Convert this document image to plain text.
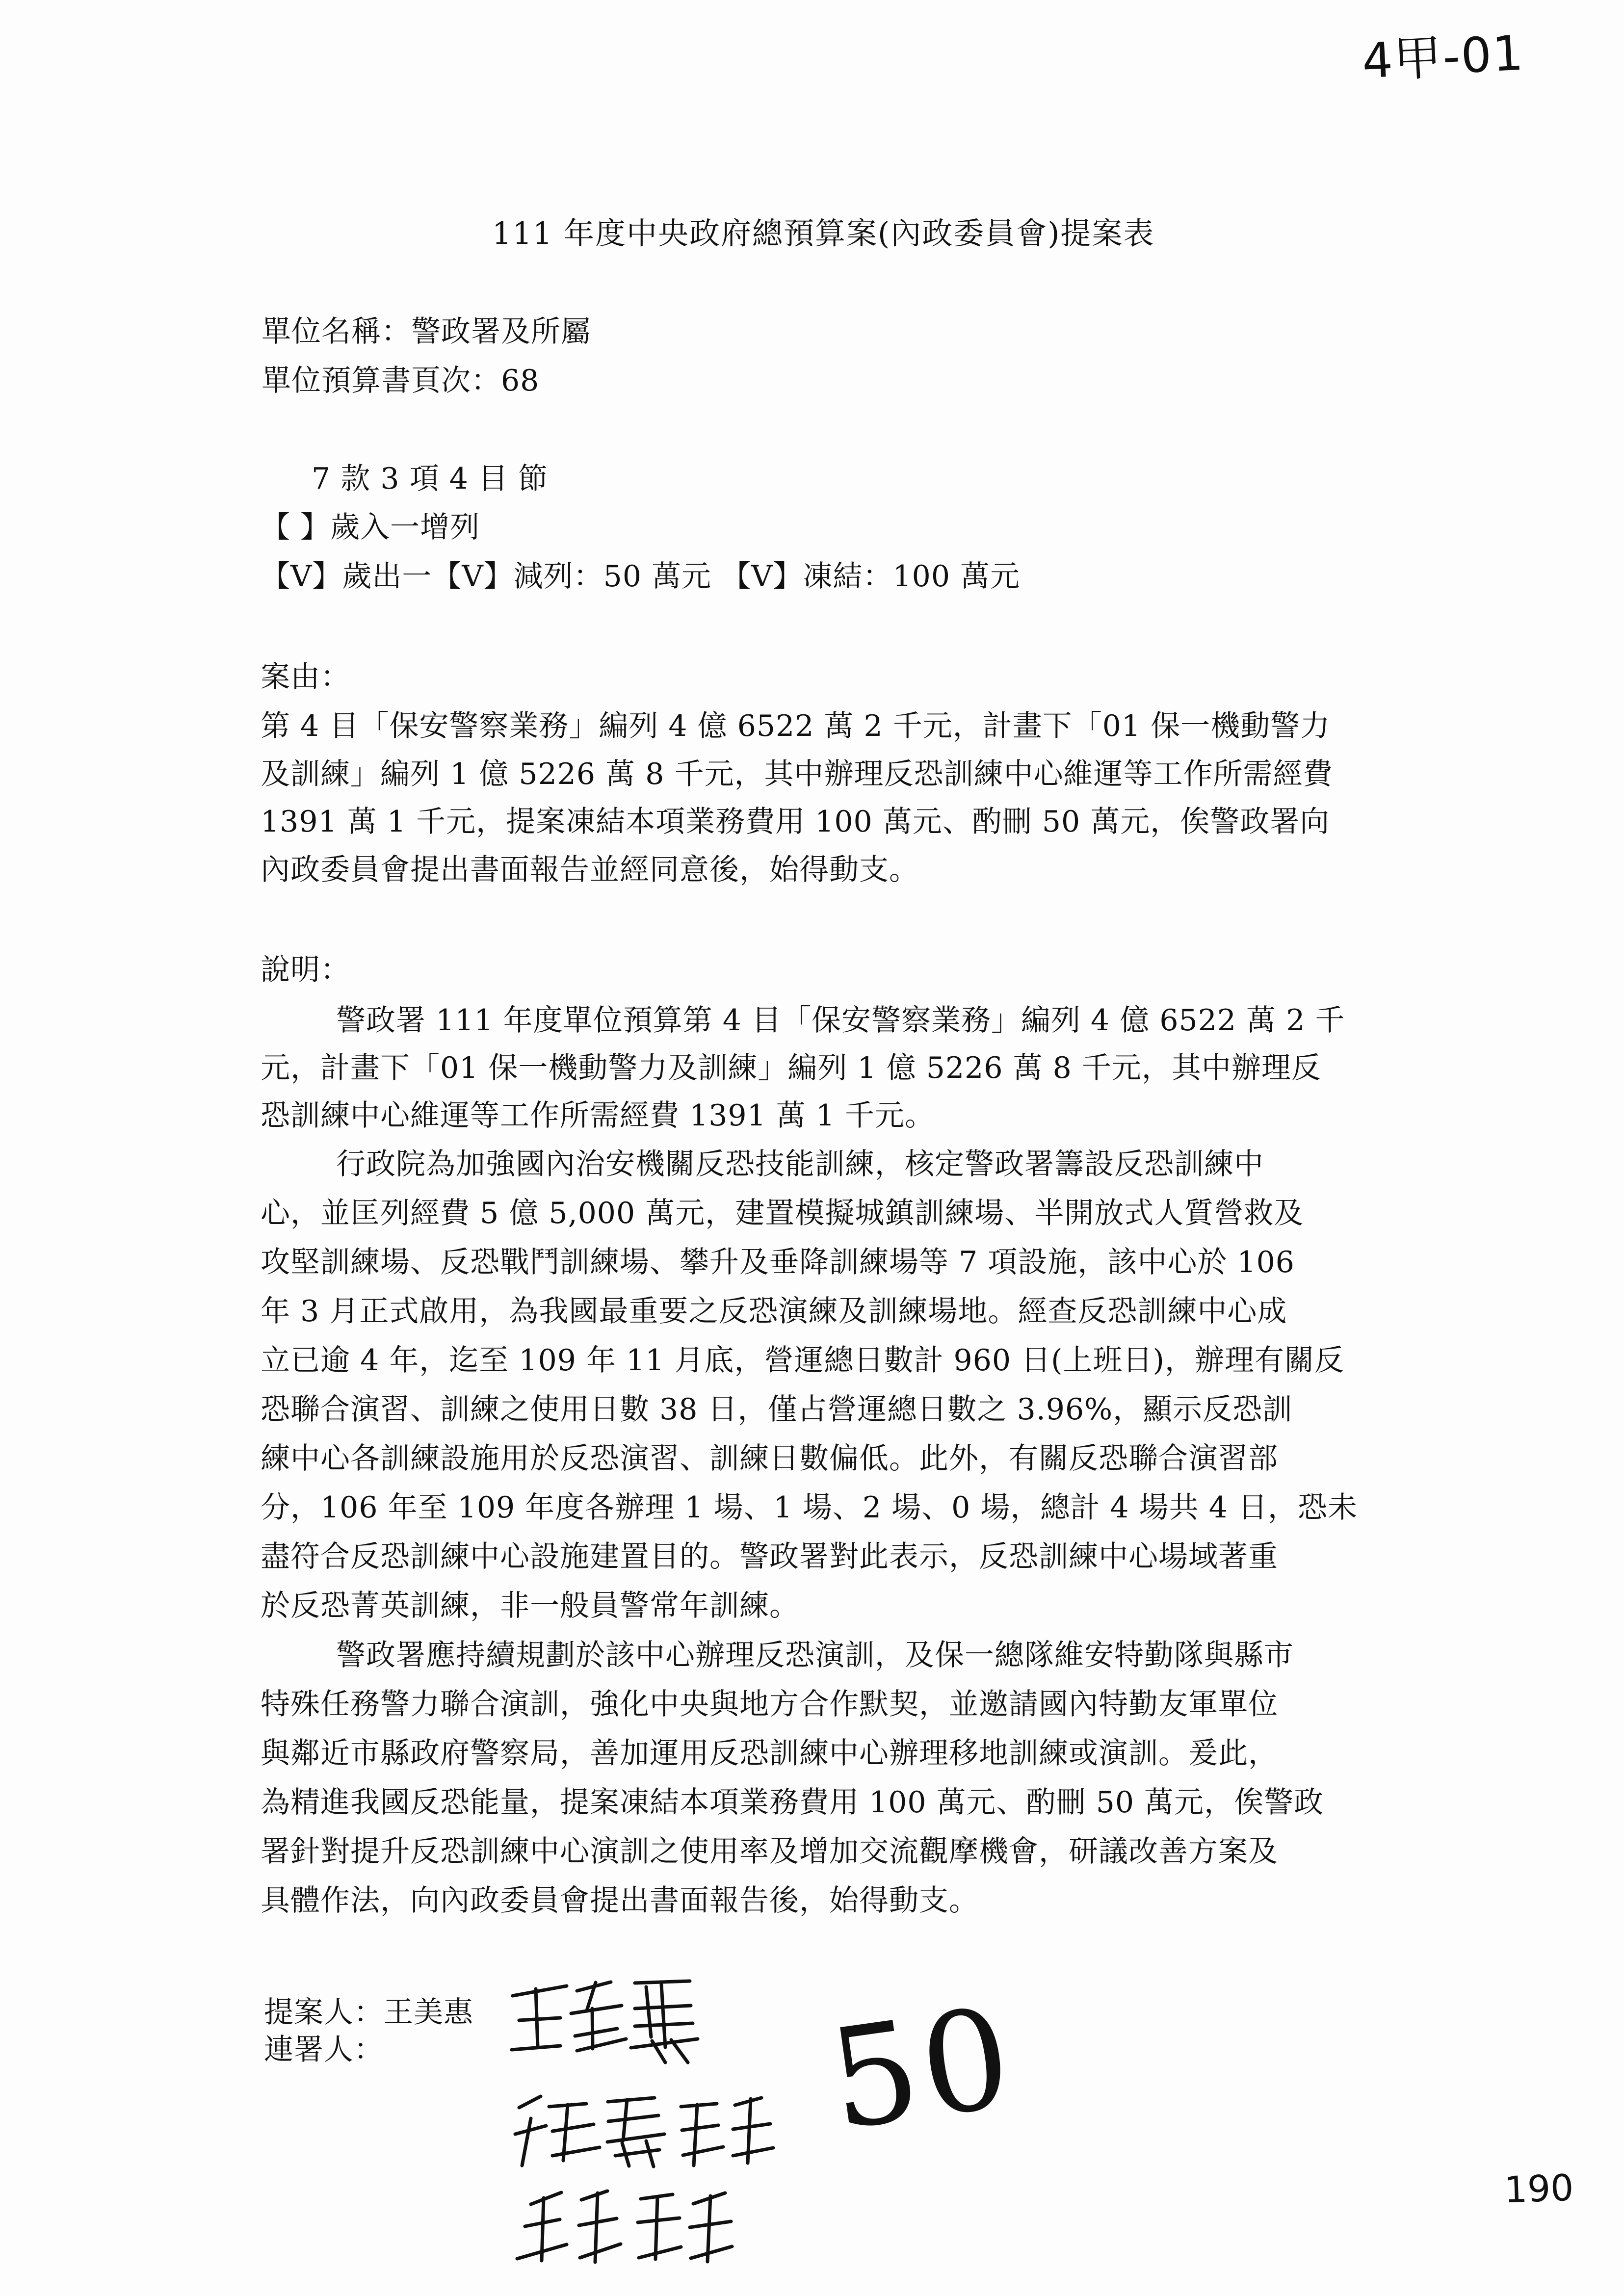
4甲-01
111 年度中央政府總預算案(內政委員會)提案表
單位名稱：警政署及所屬
單位預算書頁次：68
7 款 3 項 4 目 節
【 】歲入一增列
【V】歲出一【V】減列：50 萬元 【V】凍結：100 萬元
案由：
第 4 目「保安警察業務」編列 4 億 6522 萬 2 千元，計畫下「01 保一機動警力
及訓練」編列 1 億 5226 萬 8 千元，其中辦理反恐訓練中心維運等工作所需經費
1391 萬 1 千元，提案凍結本項業務費用 100 萬元、酌刪 50 萬元，俟警政署向
內政委員會提出書面報告並經同意後，始得動支。
說明：
警政署 111 年度單位預算第 4 目「保安警察業務」編列 4 億 6522 萬 2 千
元，計畫下「01 保一機動警力及訓練」編列 1 億 5226 萬 8 千元，其中辦理反
恐訓練中心維運等工作所需經費 1391 萬 1 千元。
行政院為加強國內治安機關反恐技能訓練，核定警政署籌設反恐訓練中
心，並匡列經費 5 億 5,000 萬元，建置模擬城鎮訓練場、半開放式人質營救及
攻堅訓練場、反恐戰鬥訓練場、攀升及垂降訓練場等 7 項設施，該中心於 106
年 3 月正式啟用，為我國最重要之反恐演練及訓練場地。經查反恐訓練中心成
立已逾 4 年，迄至 109 年 11 月底，營運總日數計 960 日(上班日)，辦理有關反
恐聯合演習、訓練之使用日數 38 日，僅占營運總日數之 3.96%，顯示反恐訓
練中心各訓練設施用於反恐演習、訓練日數偏低。此外，有關反恐聯合演習部
分，106 年至 109 年度各辦理 1 場、1 場、2 場、0 場，總計 4 場共 4 日，恐未
盡符合反恐訓練中心設施建置目的。警政署對此表示，反恐訓練中心場域著重
於反恐菁英訓練，非一般員警常年訓練。
警政署應持續規劃於該中心辦理反恐演訓，及保一總隊維安特勤隊與縣市
特殊任務警力聯合演訓，強化中央與地方合作默契，並邀請國內特勤友軍單位
與鄰近市縣政府警察局，善加運用反恐訓練中心辦理移地訓練或演訓。爰此，
為精進我國反恐能量，提案凍結本項業務費用 100 萬元、酌刪 50 萬元，俟警政
署針對提升反恐訓練中心演訓之使用率及增加交流觀摩機會，研議改善方案及
具體作法，向內政委員會提出書面報告後，始得動支。
提案人：王美惠
連署人：	50
190
